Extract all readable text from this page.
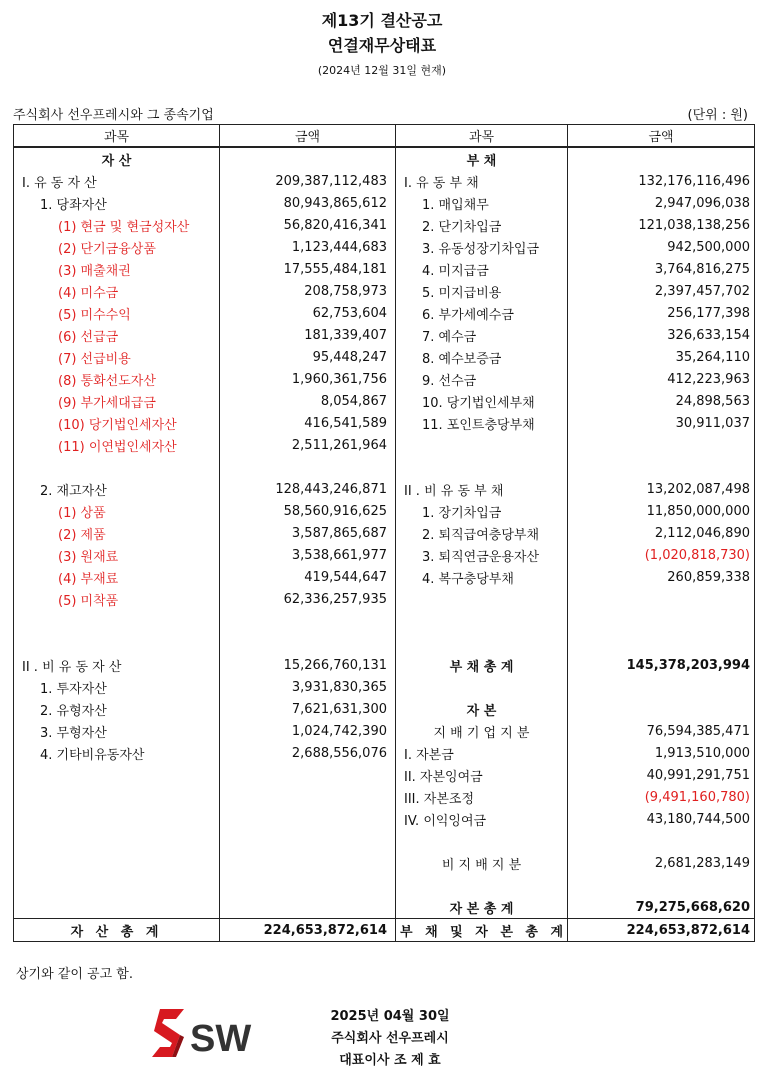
제13기 결산공고
연결재무상태표
(2024년 12월 31일 현재)
주식회사 선우프레시와 그 종속기업	(단위 : 원)
과목	금액	과목	금액
자 산		부 채	
I. 유 동 자 산	209,387,112,483	I. 유 동 부 채	132,176,116,496
1. 당좌자산	80,943,865,612	1. 매입채무	2,947,096,038
(1) 현금 및 현금성자산	56,820,416,341	2. 단기차입금	121,038,138,256
(2) 단기금융상품	1,123,444,683	3. 유동성장기차입금	942,500,000
(3) 매출채권	17,555,484,181	4. 미지급금	3,764,816,275
(4) 미수금	208,758,973	5. 미지급비용	2,397,457,702
(5) 미수수익	62,753,604	6. 부가세예수금	256,177,398
(6) 선급금	181,339,407	7. 예수금	326,633,154
(7) 선급비용	95,448,247	8. 예수보증금	35,264,110
(8) 통화선도자산	1,960,361,756	9. 선수금	412,223,963
(9) 부가세대급금	8,054,867	10. 당기법인세부채	24,898,563
(10) 당기법인세자산	416,541,589	11. 포인트충당부채	30,911,037
(11) 이연법인세자산	2,511,261,964		

2. 재고자산	128,443,246,871	II . 비 유 동 부 채	13,202,087,498
(1) 상품	58,560,916,625	1. 장기차입금	11,850,000,000
(2) 제품	3,587,865,687	2. 퇴직급여충당부채	2,112,046,890
(3) 원재료	3,538,661,977	3. 퇴직연금운용자산	(1,020,818,730)
(4) 부재료	419,544,647	4. 복구충당부채	260,859,338
(5) 미착품	62,336,257,935		

II . 비 유 동 자 산	15,266,760,131	부 채 총 계	145,378,203,994
1. 투자자산	3,931,830,365		
2. 유형자산	7,621,631,300	자 본	
3. 무형자산	1,024,742,390	지 배 기 업 지 분	76,594,385,471
4. 기타비유동자산	2,688,556,076	I. 자본금	1,913,510,000
		II. 자본잉여금	40,991,291,751
		III. 자본조정	(9,491,160,780)
		IV. 이익잉여금	43,180,744,500

		비 지 배 지 분	2,681,283,149

		자 본 총 계	79,275,668,620
자 산 총 계	224,653,872,614	부 채 및 자 본 총 계	224,653,872,614
상기와 같이 공고 함.
SW
2025년 04월 30일
주식회사 선우프레시
대표이사 조 제 효
